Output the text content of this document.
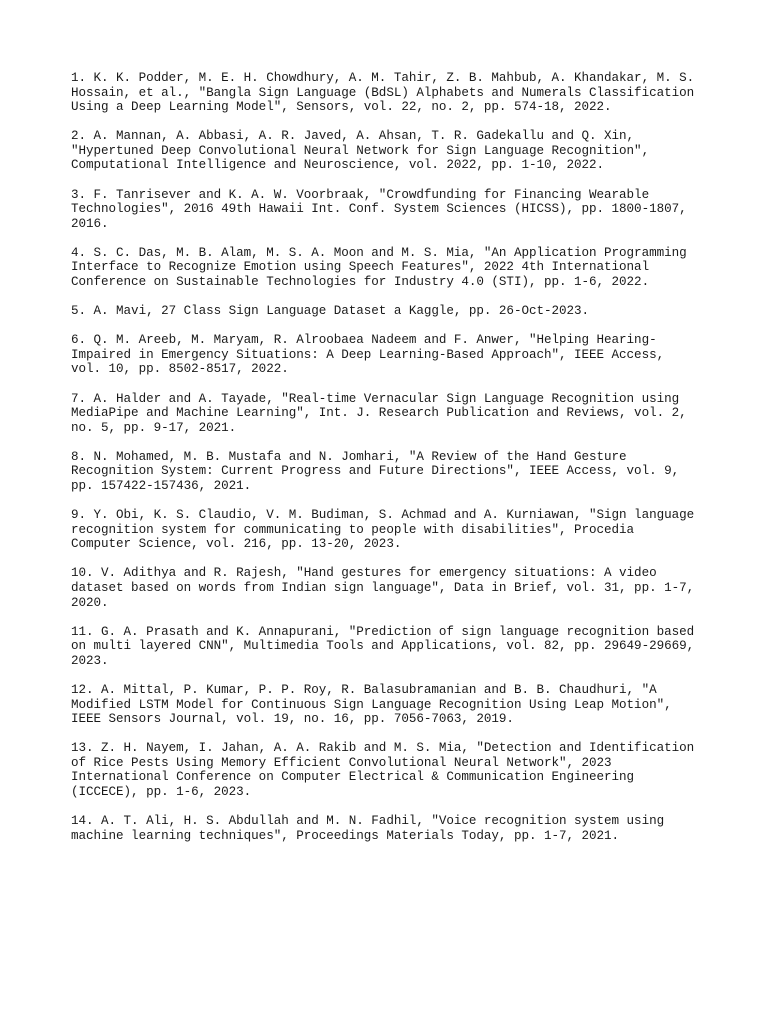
1. K. K. Podder, M. E. H. Chowdhury, A. M. Tahir, Z. B. Mahbub, A. Khandakar, M. S.
Hossain, et al., "Bangla Sign Language (BdSL) Alphabets and Numerals Classification
Using a Deep Learning Model", Sensors, vol. 22, no. 2, pp. 574-18, 2022.

2. A. Mannan, A. Abbasi, A. R. Javed, A. Ahsan, T. R. Gadekallu and Q. Xin,
"Hypertuned Deep Convolutional Neural Network for Sign Language Recognition",
Computational Intelligence and Neuroscience, vol. 2022, pp. 1-10, 2022.

3. F. Tanrisever and K. A. W. Voorbraak, "Crowdfunding for Financing Wearable
Technologies", 2016 49th Hawaii Int. Conf. System Sciences (HICSS), pp. 1800-1807,
2016.

4. S. C. Das, M. B. Alam, M. S. A. Moon and M. S. Mia, "An Application Programming
Interface to Recognize Emotion using Speech Features", 2022 4th International
Conference on Sustainable Technologies for Industry 4.0 (STI), pp. 1-6, 2022.

5. A. Mavi, 27 Class Sign Language Dataset a Kaggle, pp. 26-Oct-2023.

6. Q. M. Areeb, M. Maryam, R. Alroobaea Nadeem and F. Anwer, "Helping Hearing-
Impaired in Emergency Situations: A Deep Learning-Based Approach", IEEE Access,
vol. 10, pp. 8502-8517, 2022.

7. A. Halder and A. Tayade, "Real-time Vernacular Sign Language Recognition using
MediaPipe and Machine Learning", Int. J. Research Publication and Reviews, vol. 2,
no. 5, pp. 9-17, 2021.

8. N. Mohamed, M. B. Mustafa and N. Jomhari, "A Review of the Hand Gesture
Recognition System: Current Progress and Future Directions", IEEE Access, vol. 9,
pp. 157422-157436, 2021.

9. Y. Obi, K. S. Claudio, V. M. Budiman, S. Achmad and A. Kurniawan, "Sign language
recognition system for communicating to people with disabilities", Procedia
Computer Science, vol. 216, pp. 13-20, 2023.

10. V. Adithya and R. Rajesh, "Hand gestures for emergency situations: A video
dataset based on words from Indian sign language", Data in Brief, vol. 31, pp. 1-7,
2020.

11. G. A. Prasath and K. Annapurani, "Prediction of sign language recognition based
on multi layered CNN", Multimedia Tools and Applications, vol. 82, pp. 29649-29669,
2023.

12. A. Mittal, P. Kumar, P. P. Roy, R. Balasubramanian and B. B. Chaudhuri, "A
Modified LSTM Model for Continuous Sign Language Recognition Using Leap Motion",
IEEE Sensors Journal, vol. 19, no. 16, pp. 7056-7063, 2019.

13. Z. H. Nayem, I. Jahan, A. A. Rakib and M. S. Mia, "Detection and Identification
of Rice Pests Using Memory Efficient Convolutional Neural Network", 2023
International Conference on Computer Electrical & Communication Engineering
(ICCECE), pp. 1-6, 2023.

14. A. T. Ali, H. S. Abdullah and M. N. Fadhil, "Voice recognition system using
machine learning techniques", Proceedings Materials Today, pp. 1-7, 2021.
